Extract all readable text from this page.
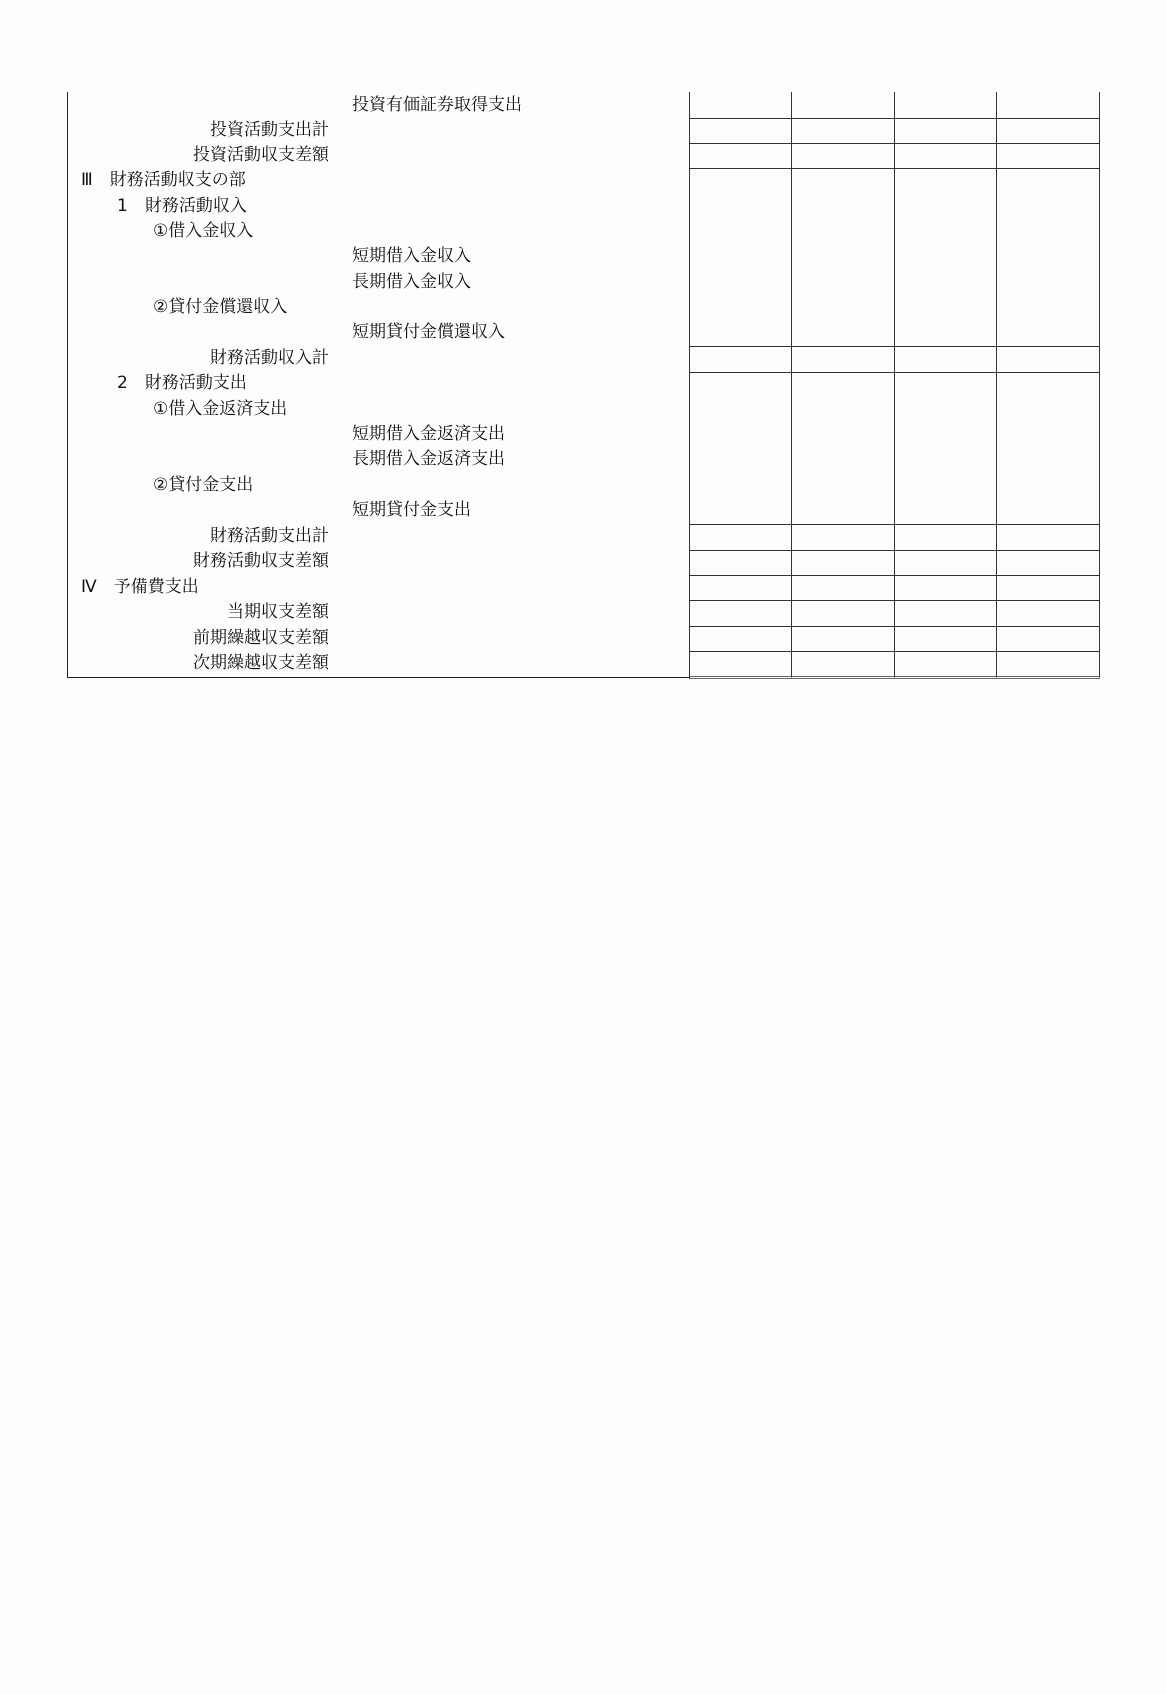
投資有価証券取得支出
投資活動支出計
投資活動収支差額
Ⅲ　財務活動収支の部
1　財務活動収入
①借入金収入
短期借入金収入
長期借入金収入
②貸付金償還収入
短期貸付金償還収入
財務活動収入計
2　財務活動支出
①借入金返済支出
短期借入金返済支出
長期借入金返済支出
②貸付金支出
短期貸付金支出
財務活動支出計
財務活動収支差額
Ⅳ　予備費支出
当期収支差額
前期繰越収支差額
次期繰越収支差額
